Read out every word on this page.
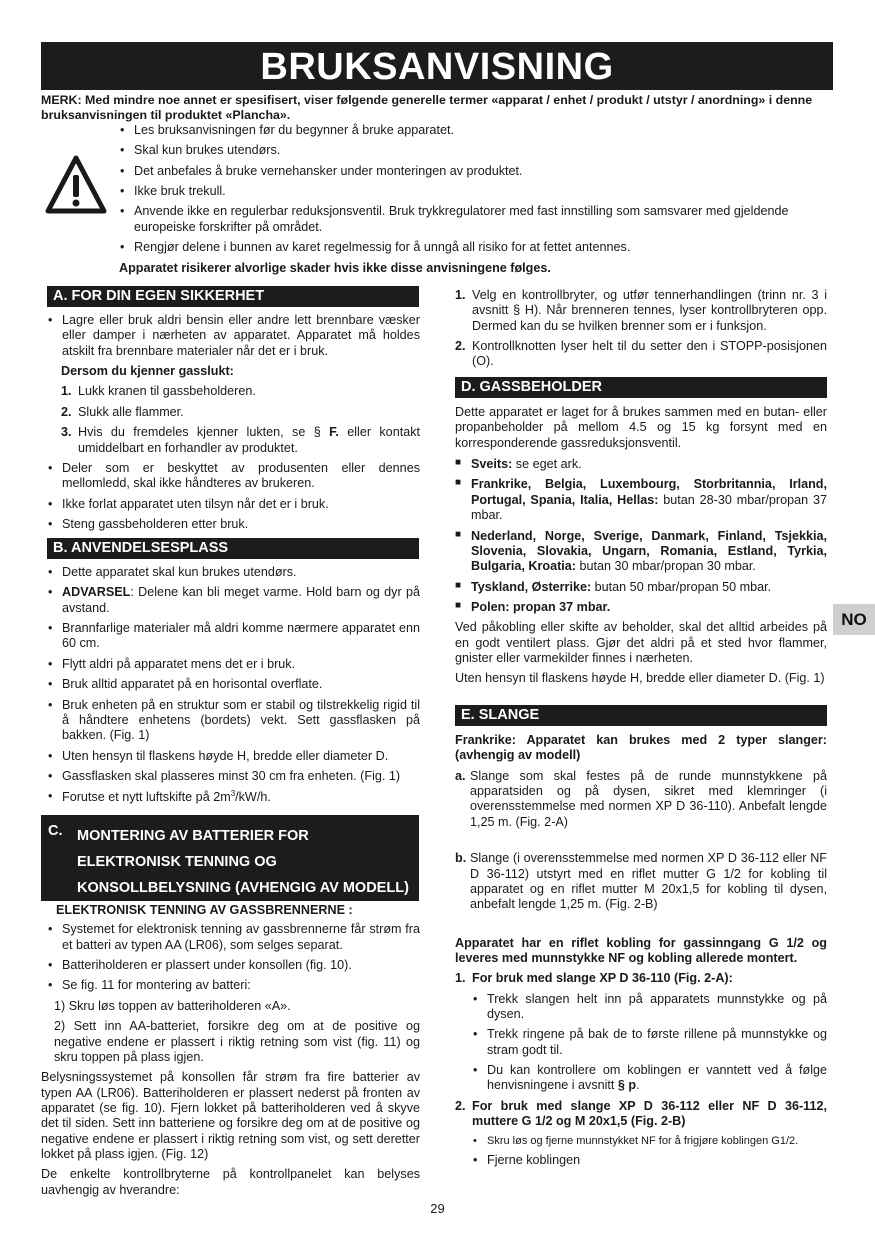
BRUKSANVISNING
MERK: Med mindre noe annet er spesifisert, viser følgende generelle termer «apparat / enhet / produkt / utstyr / anordning» i denne bruksanvisningen til produktet «Plancha».
• Les bruksanvisningen før du begynner å bruke apparatet.
• Skal kun brukes utendørs.
• Det anbefales å bruke vernehansker under monteringen av produktet.
• Ikke bruk trekull.
• Anvende ikke en regulerbar reduksjonsventil. Bruk trykkregulatorer med fast innstilling som samsvarer med gjeldende europeiske forskrifter på området.
• Rengjør delene i bunnen av karet regelmessig for å unngå all risiko for at fettet antennes.

Apparatet risikerer alvorlige skader hvis ikke disse anvisningene følges.

A. FOR DIN EGEN SIKKERHET
• Lagre eller bruk aldri bensin eller andre lett brennbare væsker eller damper i nærheten av apparatet. Apparatet må holdes atskilt fra brennbare materialer når det er i bruk.

Dersom du kjenner gasslukt:

1. Lukk kranen til gassbeholderen.
2. Slukk alle flammer.
3. Hvis du fremdeles kjenner lukten, se § F. eller kontakt umiddelbart en forhandler av produktet.
• Deler som er beskyttet av produsenten eller dennes mellomledd, skal ikke håndteres av brukeren.
• Ikke forlat apparatet uten tilsyn når det er i bruk.
• Steng gassbeholderen etter bruk.
B. ANVENDELSESPLASS
• Dette apparatet skal kun brukes utendørs.
• ADVARSEL: Delene kan bli meget varme. Hold barn og dyr på avstand.
• Brannfarlige materialer må aldri komme nærmere apparatet enn 60 cm.
• Flytt aldri på apparatet mens det er i bruk.
• Bruk alltid apparatet på en horisontal overflate.
• Bruk enheten på en struktur som er stabil og tilstrekkelig rigid til å håndtere enhetens (bordets) vekt. Sett gassflasken på bakken. (Fig. 1)
• Uten hensyn til flaskens høyde H, bredde eller diameter D.
• Gassflasken skal plasseres minst 30 cm fra enheten. (Fig. 1)
• Forutse et nytt luftskifte på $2m^3/kW/h$.
C. MONTERING AV BATTERIER FOR
ELEKTRONISK TENNING OG
KONSOLLBELYSNING (AVHENGIG AV MODELL)

ELEKTRONISK TENNING AV GASSBRENNERNE :

• Systemet for elektronisk tenning av gassbrennerne får strøm fra et batteri av typen AA (LR06), som selges separat.
• Batteriholderen er plassert under konsollen (fig. 10).
• Se fig. 11 for montering av batteri:

1) Skru løs toppen av batteriholderen «A».

2) Sett inn AA-batteriet, forsikre deg om at de positive og negative endene er plassert i riktig retning som vist (fig. 11) og skru toppen på plass igjen.

Belysningssystemet på konsollen får strøm fra fire batterier av typen AA (LR06). Batteriholderen er plassert nederst på fronten av apparatet (se fig. 10). Fjern lokket på batteriholderen ved å skyve det til siden. Sett inn batteriene og forsikre deg om at de positive og negative endene er plassert i riktig retning som vist, og sett deretter lokket på plass igjen. (Fig. 12)

De enkelte kontrollbryterne på kontrollpanelet kan belyses uavhengig av hverandre:

1. Velg en kontrollbryter, og utfør tennerhandlingen (trinn nr. 3 i avsnitt § H). Når brenneren tennes, lyser kontrollbryteren opp. Dermed kan du se hvilken brenner som er i funksjon.
2. Kontrollknotten lyser helt til du setter den i STOPP-posisjonen (O).
D. GASSBEHOLDER

Dette apparatet er laget for å brukes sammen med en butan- eller propanbeholder på mellom 4.5 og 15 kg forsynt med en korresponderende gassreduksjonsventil.

■ Sveits: se eget ark.
■ Frankrike, Belgia, Luxembourg, Storbritannia, Irland, Portugal, Spania, Italia, Hellas: butan 28-30 mbar/propan 37 mbar.
■ Nederland, Norge, Sverige, Danmark, Finland, Tsjekkia, Slovenia, Slovakia, Ungarn, Romania, Estland, Tyrkia, Bulgaria, Kroatia: butan 30 mbar/propan 30 mbar.
■ Tyskland, Østerrike: butan 50 mbar/propan 50 mbar.
■ Polen: propan 37 mbar.

Ved påkobling eller skifte av beholder, skal det alltid arbeides på en godt ventilert plass. Gjør det aldri på et sted hvor flammer, gnister eller varmekilder finnes i nærheten.

Uten hensyn til flaskens høyde H, bredde eller diameter D. (Fig. 1)

E. SLANGE

Frankrike: Apparatet kan brukes med 2 typer slanger: (avhengig av modell)

a. Slange som skal festes på de runde munnstykkene på apparatsiden og på dysen, sikret med klemringer (i overensstemmelse med normen XP D 36-110). Anbefalt lengde 1,25 m. (Fig. 2-A)
b. Slange (i overensstemmelse med normen XP D 36-112 eller NF D 36-112) utstyrt med en riflet mutter G 1/2 for kobling til apparatet og en riflet mutter M 20x1,5 for kobling til dysen, anbefalt lengde 1,25 m. (Fig. 2-B)

Apparatet har en riflet kobling for gassinngang G 1/2 og leveres med munnstykke NF og kobling allerede montert.

1. For bruk med slange XP D 36-110 (Fig. 2-A):
• Trekk slangen helt inn på apparatets munnstykke og på dysen.
• Trekk ringene på bak de to første rillene på munnstykke og stram godt til.
• Du kan kontrollere om koblingen er vanntett ved å følge henvisningene i avsnitt § p.
2. For bruk med slange XP D 36-112 eller NF D 36-112, muttere G 1/2 og M 20x1,5 (Fig. 2-B)
• Skru løs og fjerne munnstykket NF for å frigjøre koblingen G1/2.
• Fjerne koblingen
NO
29
